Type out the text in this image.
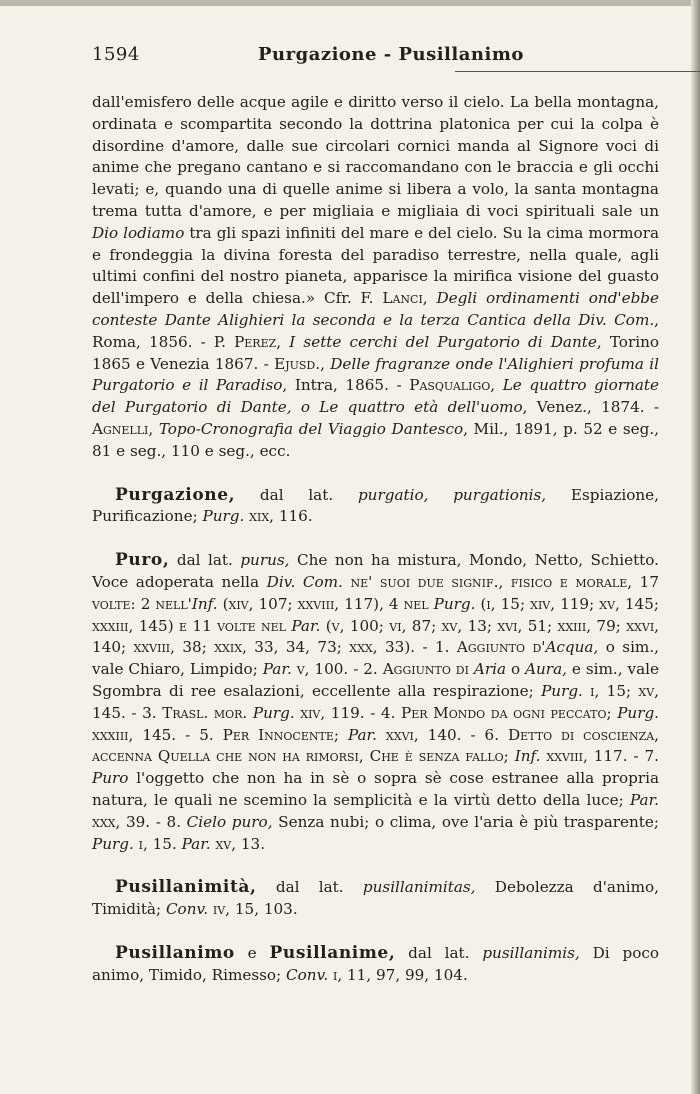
1594	Purgazione - Pusillanimo

dall'emisfero delle acque agile e diritto verso il cielo. La bella montagna, ordinata e scompartita secondo la dottrina platonica per cui la colpa è disordine d'amore, dalle sue circolari cornici manda al Signore voci di anime che pregano cantano e si raccomandano con le braccia e gli occhi levati; e, quando una di quelle anime si libera a volo, la santa montagna trema tutta d'amore, e per migliaia e migliaia di voci spirituali sale un Dio lodiamo tra gli spazi infiniti del mare e del cielo. Su la cima mormora e frondeggia la divina foresta del paradiso terrestre, nella quale, agli ultimi confini del nostro pianeta, apparisce la mirifica visione del guasto dell'impero e della chiesa.» Cfr. F. Lanci, Degli ordinamenti ond'ebbe conteste Dante Alighieri la seconda e la terza Cantica della Div. Com., Roma, 1856. - P. Perez, I sette cerchi del Purgatorio di Dante, Torino 1865 e Venezia 1867. - Ejusd., Delle fragranze onde l'Alighieri profuma il Purgatorio e il Paradiso, Intra, 1865. - Pasqualigo, Le quattro giornate del Purgatorio di Dante, o Le quattro età dell'uomo, Venez., 1874. - Agnelli, Topo-Cronografia del Viaggio Dantesco, Mil., 1891, p. 52 e seg., 81 e seg., 110 e seg., ecc.

Purgazione, dal lat. purgatio, purgationis, Espiazione, Purificazione; Purg. xix, 116.

Puro, dal lat. purus, Che non ha mistura, Mondo, Netto, Schietto. Voce adoperata nella Div. Com. ne' suoi due signif., fisico e morale, 17 volte: 2 nell'Inf. (xiv, 107; xxviii, 117), 4 nel Purg. (i, 15; xiv, 119; xv, 145; xxxiii, 145) e 11 volte nel Par. (v, 100; vi, 87; xv, 13; xvi, 51; xxiii, 79; xxvi, 140; xxviii, 38; xxix, 33, 34, 73; xxx, 33). - 1. Aggiunto d'Acqua, o sim., vale Chiaro, Limpido; Par. v, 100. - 2. Aggiunto di Aria o Aura, e sim., vale Sgombra di ree esalazioni, eccellente alla respirazione; Purg. i, 15; xv, 145. - 3. Trasl. mor. Purg. xiv, 119. - 4. Per Mondo da ogni peccato; Purg. xxxiii, 145. - 5. Per Innocente; Par. xxvi, 140. - 6. Detto di coscienza, accenna Quella che non ha rimorsi, Che è senza fallo; Inf. xxviii, 117. - 7. Puro l'oggetto che non ha in sè o sopra sè cose estranee alla propria natura, le quali ne scemino la semplicità e la virtù detto della luce; Par. xxx, 39. - 8. Cielo puro, Senza nubi; o clima, ove l'aria è più trasparente; Purg. i, 15. Par. xv, 13.

Pusillanimità, dal lat. pusillanimitas, Debolezza d'animo, Timidità; Conv. iv, 15, 103.

Pusillanimo e Pusillanime, dal lat. pusillanimis, Di poco animo, Timido, Rimesso; Conv. i, 11, 97, 99, 104.
